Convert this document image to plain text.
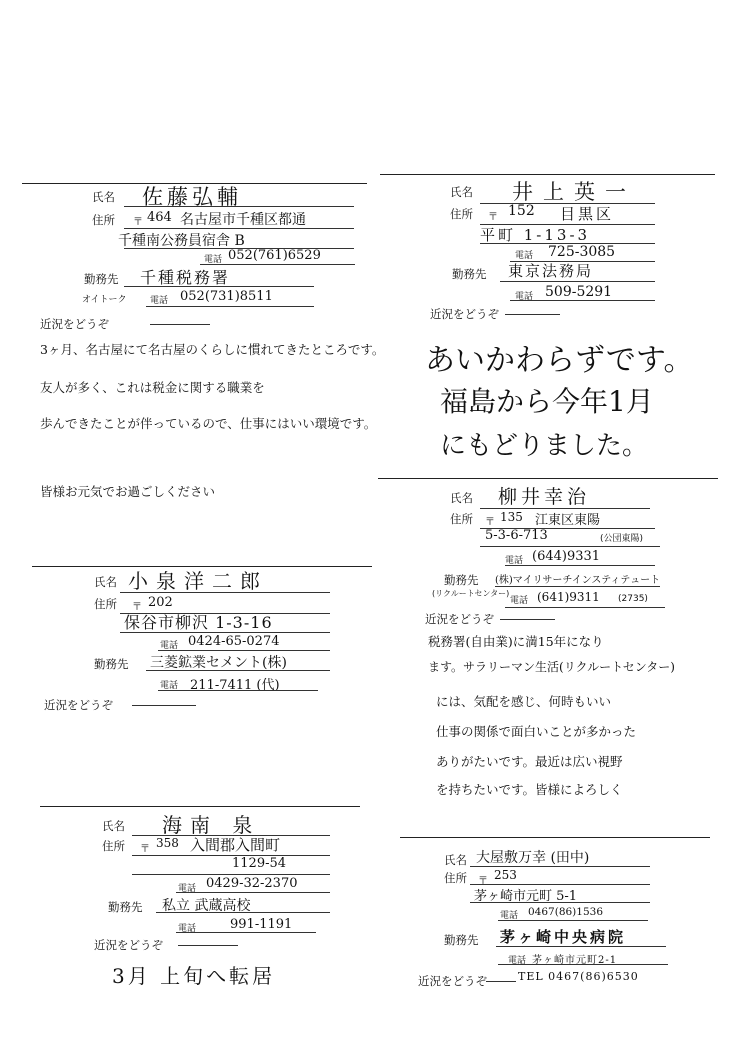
氏名 佐藤弘輔
住所 〒 464 名古屋市千種区都通
千種南公務員宿舎 B
電話 052(761)6529
勤務先 千種税務署
オイトーク	電話 052(731)8511
近況をどうぞ
3ヶ月、名古屋にて名古屋のくらしに慣れてきたところです。
友人が多く、これは税金に関する職業を
歩んできたことが伴っているので、仕事にはいい環境です。
皆様お元気でお過ごしください
氏名 井上英一
住所 〒 152 目黒区
平町 1-13-3
電話 725-3085
勤務先 東京法務局
電話 509-5291
近況をどうぞ
あいかわらずです。
福島から今年1月
にもどりました。
氏名 柳井幸治
住所 〒 135 江東区東陽
5-3-6-713	(公団東陽)
電話 (644)9331
勤務先 (株)マイリサーチインスティテュート
(リクルートセンター)
電話 (641)9311 (2735)
近況をどうぞ
税務署(自由業)に満15年になり
ます。サラリーマン生活(リクルートセンター)
には、気配を感じ、何時もいい
仕事の関係で面白いことが多かった
ありがたいです。最近は広い視野
を持ちたいです。皆様によろしく
氏名 小泉洋二郎
住所 〒 202
保谷市柳沢 1-3-16
電話 0424-65-0274
勤務先 三菱鉱業セメント(株)
電話 211-7411 (代)
近況をどうぞ
氏名 海南 泉
住所 〒 358 入間郡入間町
1129-54
電話 0429-32-2370
勤務先 私立 武蔵高校
電話	991-1191
近況をどうぞ
3月 上旬へ転居
氏名 大屋敷万幸 (田中)
住所 〒 253
茅ヶ崎市元町 5-1
電話 0467(86)1536
勤務先 茅ヶ崎中央病院
電話 茅ヶ崎市元町2-1
近況をどうぞ	TEL 0467(86)6530
